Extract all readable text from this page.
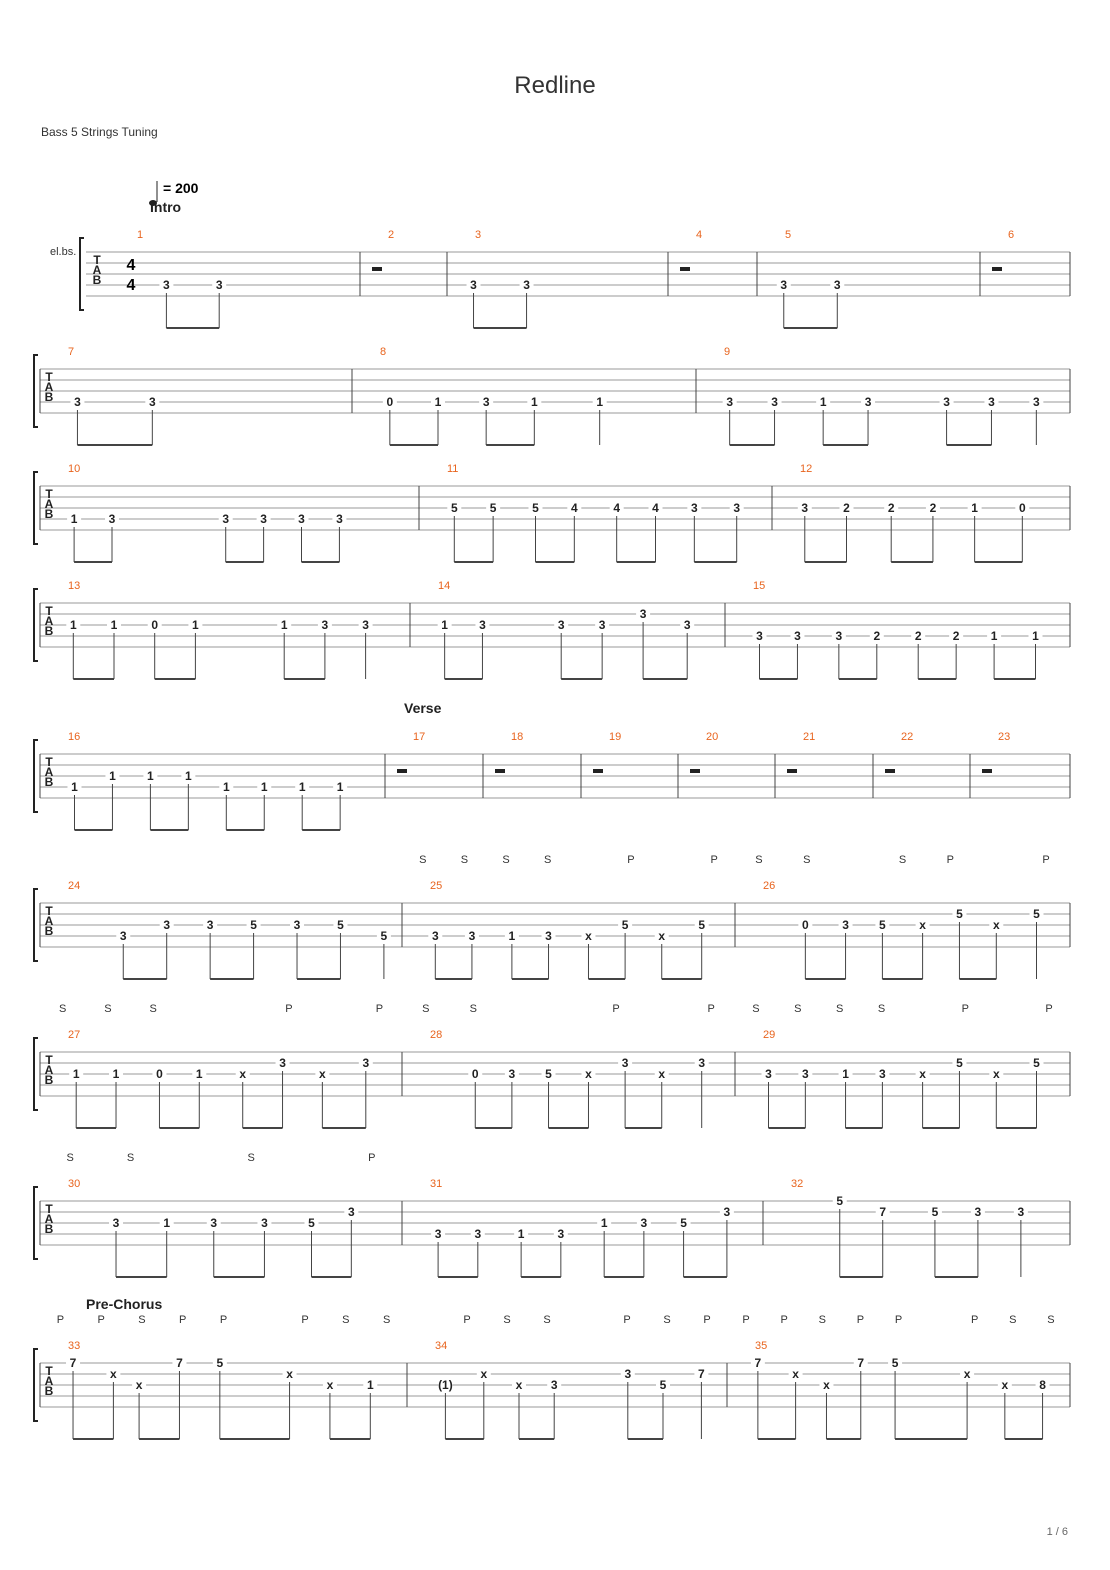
Redline
Bass 5 Strings Tuning
1 / 6
T
A
B
1
3	3
2	3
3	3
4	5
3	3
6
T
A
B
7
3	3
8
0	1	3	1	1
9
3	3	1	3	3	3	3
T
A
B
10
1	3	3	3	3	3
11
5	5	5	4	4	4	3	3
12
3	2	2	2	1	0
T
A
B
13
1	1	0	1	1	3	3
14
1	3	3	3
3
3
15
3	3	3	2	2	2	1	1
T
A
B
16
1
1	1	1
1	1	1	1
17	18	19	20	21	22	23
T
A
B
24
3
3	3	5	3	5
5
25
3 3	1 3	x
5
x
5
S	S	S	S	P	P
26
0	3	5	x
5
x
5
S	S	S	P	P
T
A
B
27
1	1	0	1	x
3
x
3
S	S	S	P	P
28
0 3 5	x
3
x
3
S	S	P	P
29
3	3	1	3	x
5
x
5
S	S	S	S	P	P
T
A
B
30
3	1	3	3	5
3
S	S	S	P
31
3	3	1	3
1	3	5
3
32
5
7	5	3	3
T
A
B
33
7
x
x
7	5
x
x	1
P	P	S	P	P	P	S	S
34
(1)
x
x 3
3
5
7
P	S	S	P	S	P
35
7
x
x
7 5
x
x	8
P	P	S	P	P	P	S	S
el.bs.
4
4
= 200
Intro
Verse
Pre-Chorus
